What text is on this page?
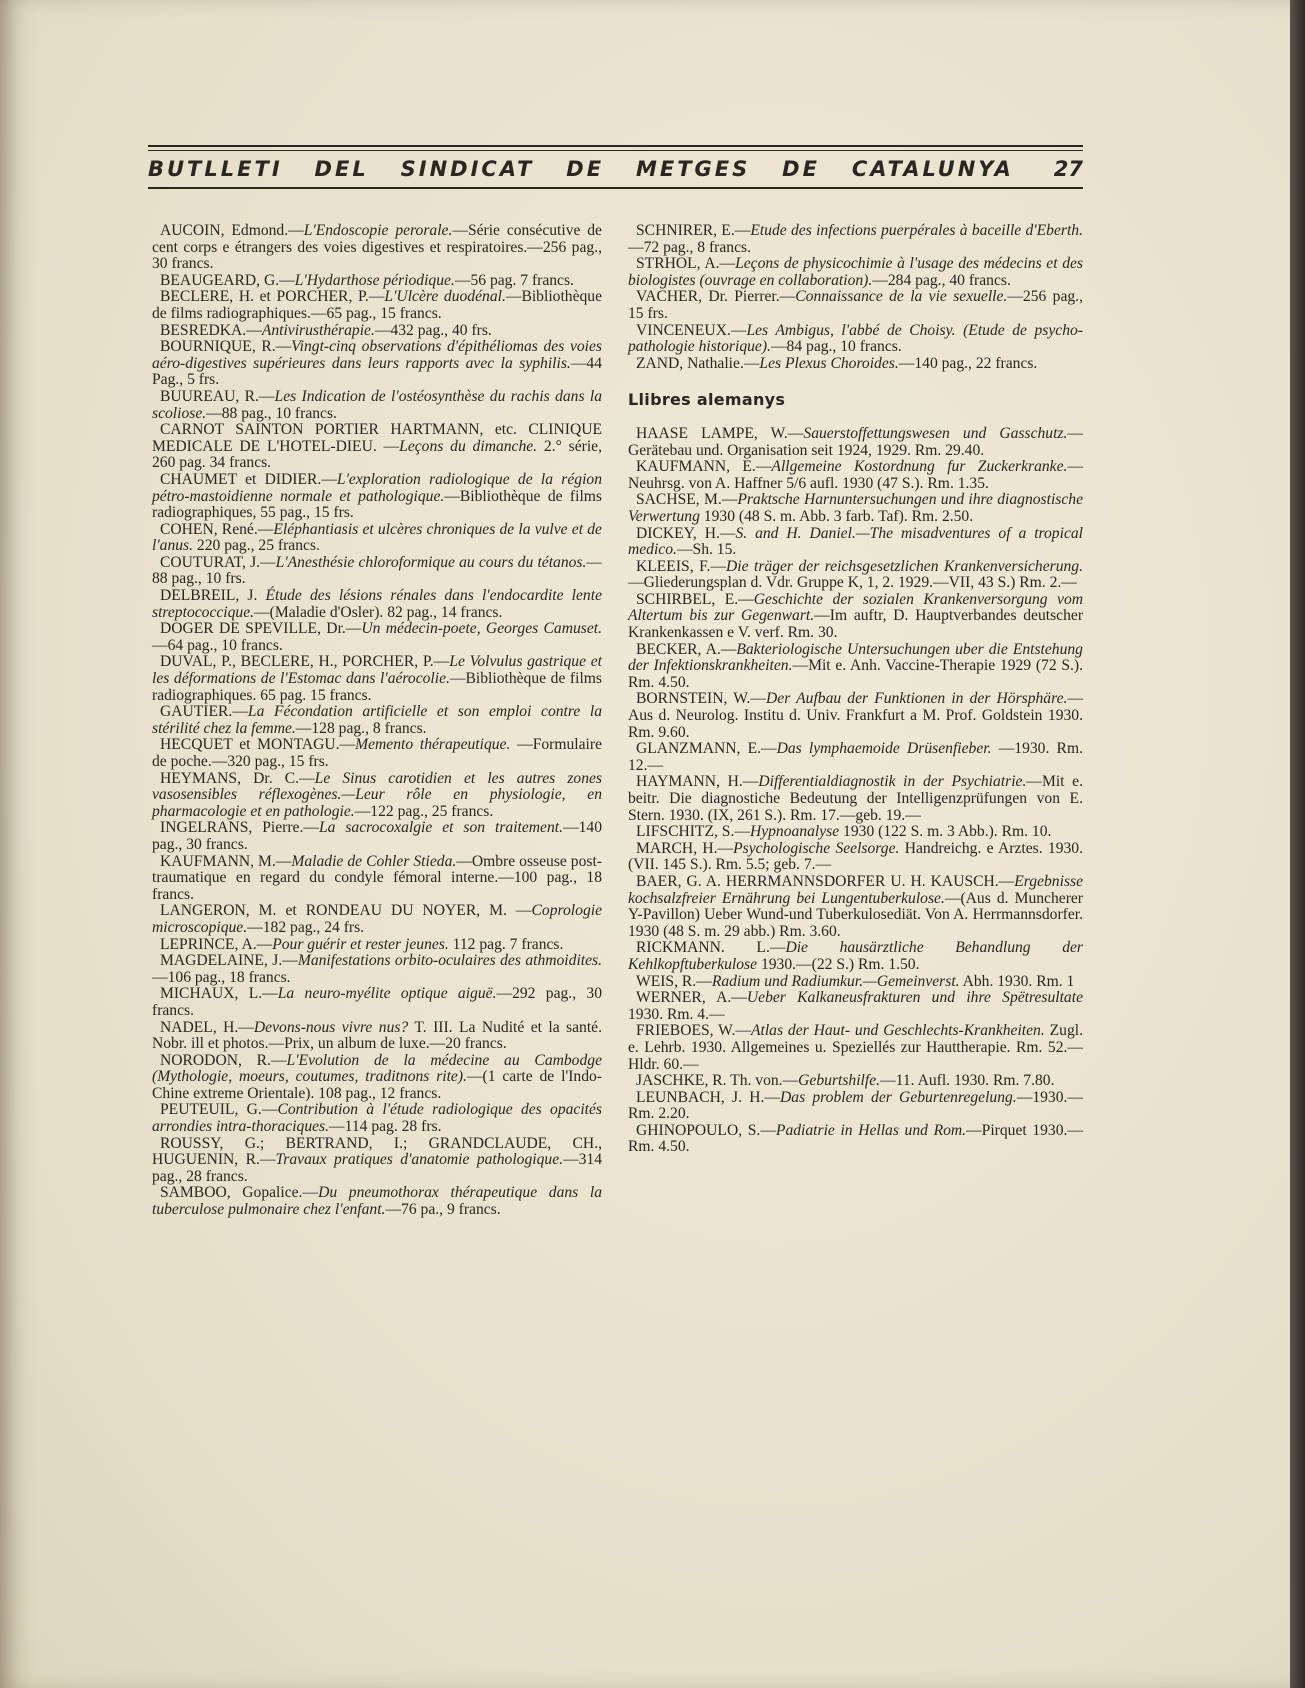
BUTLLETI DEL SINDICAT DE METGES DE CATALUNYA 27

AUCOIN, Edmond.—L'Endoscopie perorale.—Série consécutive de cent corps e étrangers des voies digestives et respiratoires.—256 pag., 30 francs.

BEAUGEARD, G.—L'Hydarthose périodique.—56 pag. 7 francs.

BECLERE, H. et PORCHER, P.—L'Ulcère duodénal.—Bibliothèque de films radiographiques.—65 pag., 15 francs.

BESREDKA.—Antivirusthérapie.—432 pag., 40 frs.

BOURNIQUE, R.—Vingt-cinq observations d'épithéliomas des voies aéro-digestives supérieures dans leurs rapports avec la syphilis.—44 Pag., 5 frs.

BUUREAU, R.—Les Indication de l'ostéosynthèse du rachis dans la scoliose.—88 pag., 10 francs.

CARNOT SAINTON PORTIER HARTMANN, etc. CLINIQUE MEDICALE DE L'HOTEL-DIEU. —Leçons du dimanche. 2.° série, 260 pag. 34 francs.

CHAUMET et DIDIER.—L'exploration radiologique de la région pétro-mastoidienne normale et pathologique.—Bibliothèque de films radiographiques, 55 pag., 15 frs.

COHEN, René.—Eléphantiasis et ulcères chroniques de la vulve et de l'anus. 220 pag., 25 francs.

COUTURAT, J.—L'Anesthésie chloroformique au cours du tétanos.—88 pag., 10 frs.

DELBREIL, J. Étude des lésions rénales dans l'endocardite lente streptococcique.—(Maladie d'Osler). 82 pag., 14 francs.

DOGER DE SPEVILLE, Dr.—Un médecin-poete, Georges Camuset.—64 pag., 10 francs.

DUVAL, P., BECLERE, H., PORCHER, P.—Le Volvulus gastrique et les déformations de l'Estomac dans l'aérocolie.—Bibliothèque de films radiographiques. 65 pag. 15 francs.

GAUTIER.—La Fécondation artificielle et son emploi contre la stérilité chez la femme.—128 pag., 8 francs.

HECQUET et MONTAGU.—Memento thérapeutique. —Formulaire de poche.—320 pag., 15 frs.

HEYMANS, Dr. C.—Le Sinus carotidien et les autres zones vasosensibles réflexogènes.—Leur rôle en physiologie, en pharmacologie et en pathologie.—122 pag., 25 francs.

INGELRANS, Pierre.—La sacrocoxalgie et son traitement.—140 pag., 30 francs.

KAUFMANN, M.—Maladie de Cohler Stieda.—Ombre osseuse post-traumatique en regard du condyle fémoral interne.—100 pag., 18 francs.

LANGERON, M. et RONDEAU DU NOYER, M. —Coprologie microscopique.—182 pag., 24 frs.

LEPRINCE, A.—Pour guérir et rester jeunes. 112 pag. 7 francs.

MAGDELAINE, J.—Manifestations orbito-oculaires des athmoidites.—106 pag., 18 francs.

MICHAUX, L.—La neuro-myélite optique aiguë.—292 pag., 30 francs.

NADEL, H.—Devons-nous vivre nus? T. III. La Nudité et la santé. Nobr. ill et photos.—Prix, un album de luxe.—20 francs.

NORODON, R.—L'Evolution de la médecine au Cambodge (Mythologie, moeurs, coutumes, traditnons rite).—(1 carte de l'Indo-Chine extreme Orientale). 108 pag., 12 francs.

PEUTEUIL, G.—Contribution à l'étude radiologique des opacités arrondies intra-thoraciques.—114 pag. 28 frs.

ROUSSY, G.; BERTRAND, I.; GRANDCLAUDE, CH., HUGUENIN, R.—Travaux pratiques d'anatomie pathologique.—314 pag., 28 francs.

SAMBOO, Gopalice.—Du pneumothorax thérapeutique dans la tuberculose pulmonaire chez l'enfant.—76 pa., 9 francs.

SCHNIRER, E.—Etude des infections puerpérales à baceille d'Eberth.—72 pag., 8 francs.

STRHOL, A.—Leçons de physicochimie à l'usage des médecins et des biologistes (ouvrage en collaboration).—284 pag., 40 francs.

VACHER, Dr. Pierrer.—Connaissance de la vie sexuelle.—256 pag., 15 frs.

VINCENEUX.—Les Ambigus, l'abbé de Choisy. (Etude de psycho-pathologie historique).—84 pag., 10 francs.

ZAND, Nathalie.—Les Plexus Choroides.—140 pag., 22 francs.

Llibres alemanys

HAASE LAMPE, W.—Sauerstoffettungswesen und Gasschutz.—Gerätebau und. Organisation seit 1924, 1929. Rm. 29.40.

KAUFMANN, E.—Allgemeine Kostordnung fur Zuckerkranke.—Neuhrsg. von A. Haffner 5/6 aufl. 1930 (47 S.). Rm. 1.35.

SACHSE, M.—Praktsche Harnuntersuchungen und ihre diagnostische Verwertung 1930 (48 S. m. Abb. 3 farb. Taf). Rm. 2.50.

DICKEY, H.—S. and H. Daniel.—The misadventures of a tropical medico.—Sh. 15.

KLEEIS, F.—Die träger der reichsgesetzlichen Krankenversicherung.—Gliederungsplan d. Vdr. Gruppe K, 1, 2. 1929.—VII, 43 S.) Rm. 2.—

SCHIRBEL, E.—Geschichte der sozialen Krankenversorgung vom Altertum bis zur Gegenwart.—Im auftr, D. Hauptverbandes deutscher Krankenkassen e V. verf. Rm. 30.

BECKER, A.—Bakteriologische Untersuchungen uber die Entstehung der Infektionskrankheiten.—Mit e. Anh. Vaccine-Therapie 1929 (72 S.). Rm. 4.50.

BORNSTEIN, W.—Der Aufbau der Funktionen in der Hörsphäre.—Aus d. Neurolog. Institu d. Univ. Frankfurt a M. Prof. Goldstein 1930. Rm. 9.60.

GLANZMANN, E.—Das lymphaemoide Drüsenfieber. —1930. Rm. 12.—

HAYMANN, H.—Differentialdiagnostik in der Psychiatrie.—Mit e. beitr. Die diagnostiche Bedeutung der Intelligenzprüfungen von E. Stern. 1930. (IX, 261 S.). Rm. 17.—geb. 19.—

LIFSCHITZ, S.—Hypnoanalyse 1930 (122 S. m. 3 Abb.). Rm. 10.

MARCH, H.—Psychologische Seelsorge. Handreichg. e Arztes. 1930. (VII. 145 S.). Rm. 5.5; geb. 7.—

BAER, G. A. HERRMANNSDORFER U. H. KAUSCH.—Ergebnisse kochsalzfreier Ernährung bei Lungentuberkulose.—(Aus d. Muncherer Y-Pavillon) Ueber Wund-und Tuberkulosediät. Von A. Herrmannsdorfer. 1930 (48 S. m. 29 abb.) Rm. 3.60.

RICKMANN. L.—Die hausärztliche Behandlung der Kehlkopftuberkulose 1930.—(22 S.) Rm. 1.50.

WEIS, R.—Radium und Radiumkur.—Gemeinverst. Abh. 1930. Rm. 1

WERNER, A.—Ueber Kalkaneusfrakturen und ihre Spëtresultate 1930. Rm. 4.—

FRIEBOES, W.—Atlas der Haut- und Geschlechts-Krankheiten. Zugl. e. Lehrb. 1930. Allgemeines u. Speziellés zur Hauttherapie. Rm. 52.—Hldr. 60.—

JASCHKE, R. Th. von.—Geburtshilfe.—11. Aufl. 1930. Rm. 7.80.

LEUNBACH, J. H.—Das problem der Geburtenregelung.—1930.—Rm. 2.20.

GHINOPOULO, S.—Padiatrie in Hellas und Rom.—Pirquet 1930.—Rm. 4.50.
